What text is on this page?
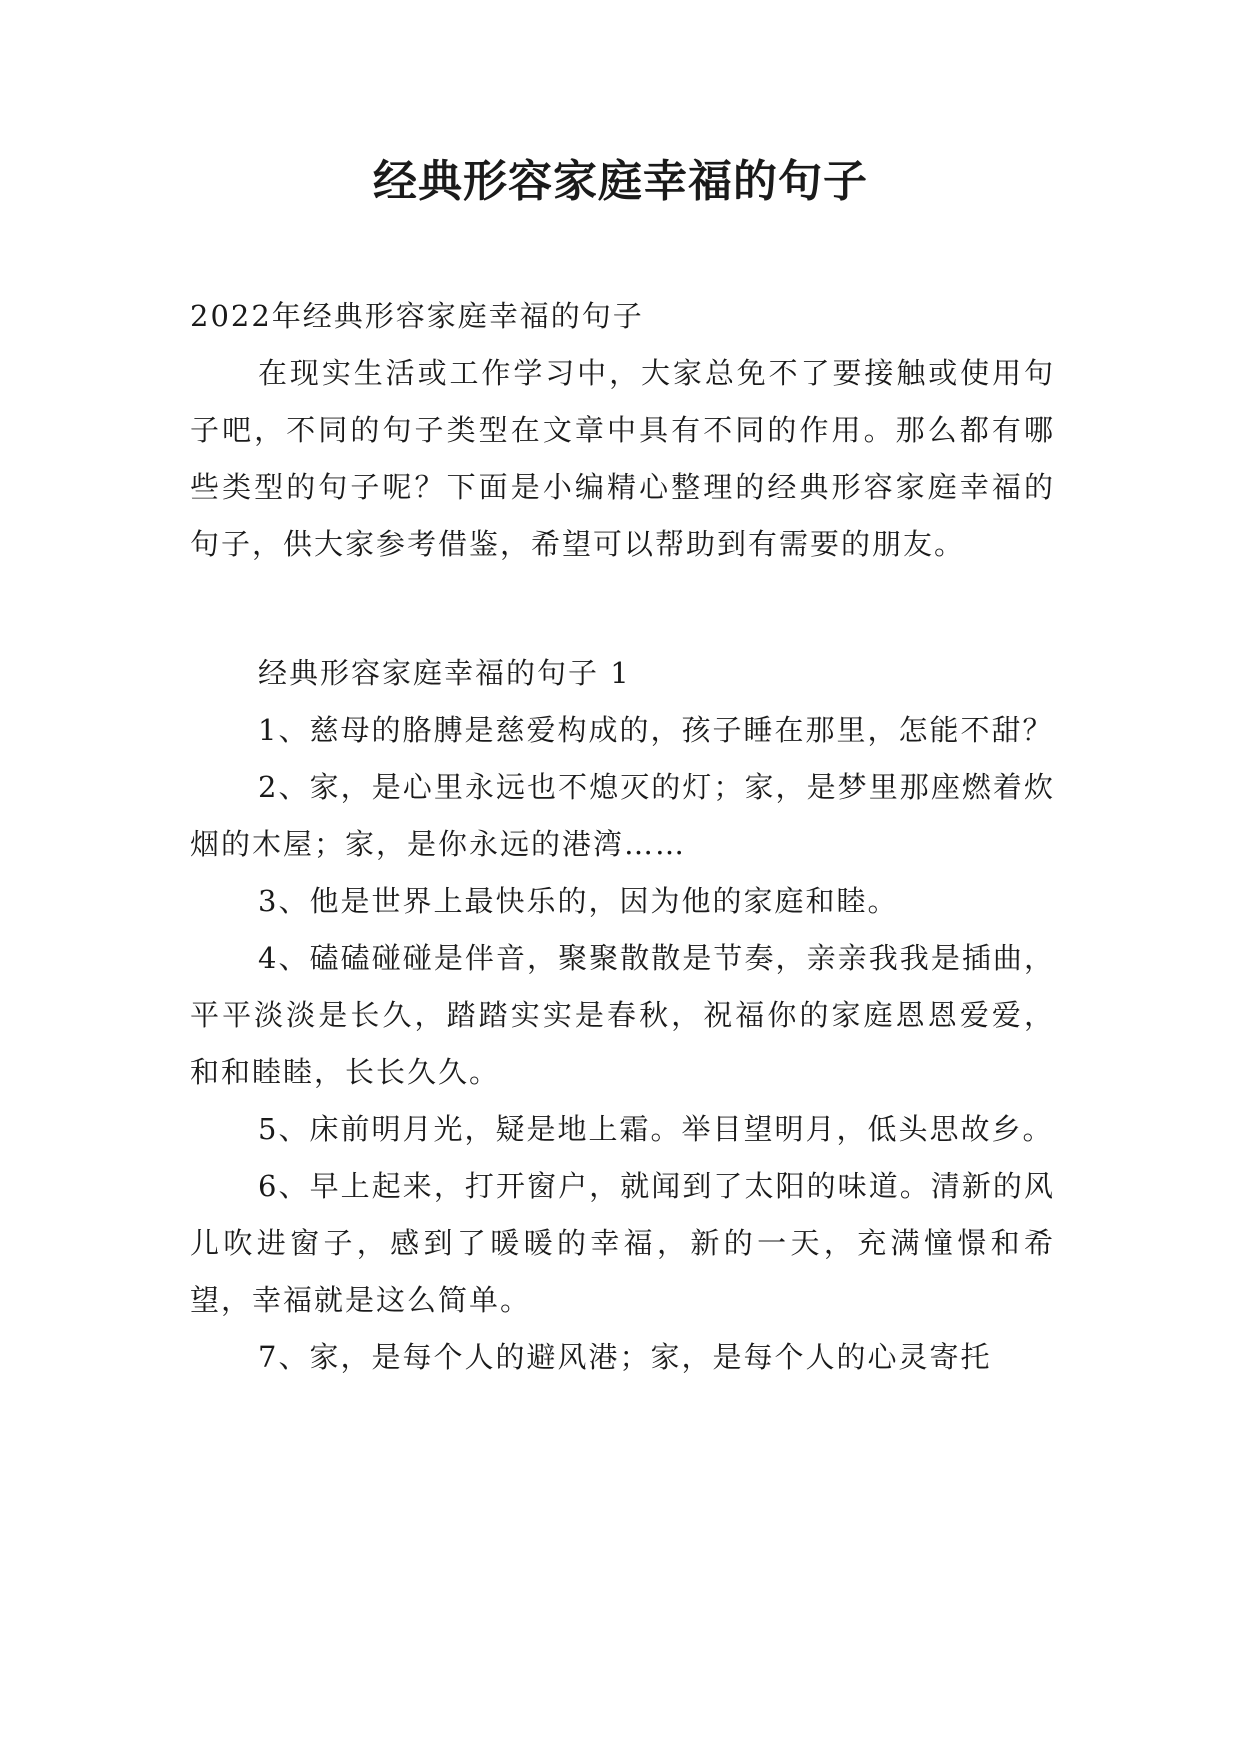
经典形容家庭幸福的句子

2022年经典形容家庭幸福的句子

在现实生活或工作学习中，大家总免不了要接触或使用句子吧，不同的句子类型在文章中具有不同的作用。那么都有哪些类型的句子呢？下面是小编精心整理的经典形容家庭幸福的句子，供大家参考借鉴，希望可以帮助到有需要的朋友。

经典形容家庭幸福的句子 1

1、慈母的胳膊是慈爱构成的，孩子睡在那里，怎能不甜？

2、家，是心里永远也不熄灭的灯；家，是梦里那座燃着炊烟的木屋；家，是你永远的港湾……

3、他是世界上最快乐的，因为他的家庭和睦。

4、磕磕碰碰是伴音，聚聚散散是节奏，亲亲我我是插曲，平平淡淡是长久，踏踏实实是春秋，祝福你的家庭恩恩爱爱，和和睦睦，长长久久。

5、床前明月光，疑是地上霜。举目望明月，低头思故乡。

6、早上起来，打开窗户，就闻到了太阳的味道。清新的风儿吹进窗子，感到了暖暖的幸福，新的一天，充满憧憬和希望，幸福就是这么简单。

7、家，是每个人的避风港；家，是每个人的心灵寄托
